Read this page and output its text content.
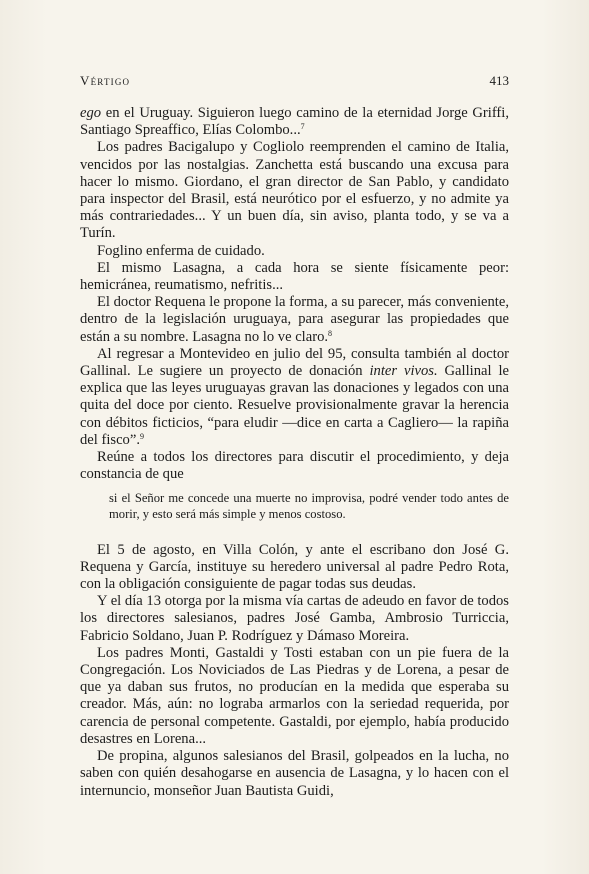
Vértigo	413

ego en el Uruguay. Siguieron luego camino de la eternidad Jorge Griffi, Santiago Spreaffico, Elías Colombo...$^7$

Los padres Bacigalupo y Cogliolo reemprenden el camino de Italia, vencidos por las nostalgias. Zanchetta está buscando una excusa para hacer lo mismo. Giordano, el gran director de San Pablo, y candidato para inspector del Brasil, está neurótico por el esfuerzo, y no admite ya más contrariedades... Y un buen día, sin aviso, planta todo, y se va a Turín.

Foglino enferma de cuidado.

El mismo Lasagna, a cada hora se siente físicamente peor: hemicránea, reumatismo, nefritis...

El doctor Requena le propone la forma, a su parecer, más conveniente, dentro de la legislación uruguaya, para asegurar las propiedades que están a su nombre. Lasagna no lo ve claro.$^8$

Al regresar a Montevideo en julio del 95, consulta también al doctor Gallinal. Le sugiere un proyecto de donación inter vivos. Gallinal le explica que las leyes uruguayas gravan las donaciones y legados con una quita del doce por ciento. Resuelve provisionalmente gravar la herencia con débitos ficticios, “para eludir —dice en carta a Cagliero— la rapiña del fisco”.$^9$

Reúne a todos los directores para discutir el procedimiento, y deja constancia de que

si el Señor me concede una muerte no improvisa, podré vender todo antes de morir, y esto será más simple y menos costoso.

El 5 de agosto, en Villa Colón, y ante el escribano don José G. Requena y García, instituye su heredero universal al padre Pedro Rota, con la obligación consiguiente de pagar todas sus deudas.

Y el día 13 otorga por la misma vía cartas de adeudo en favor de todos los directores salesianos, padres José Gamba, Ambrosio Turriccia, Fabricio Soldano, Juan P. Rodríguez y Dámaso Moreira.

Los padres Monti, Gastaldi y Tosti estaban con un pie fuera de la Congregación. Los Noviciados de Las Piedras y de Lorena, a pesar de que ya daban sus frutos, no producían en la medida que esperaba su creador. Más, aún: no lograba armarlos con la seriedad requerida, por carencia de personal competente. Gastaldi, por ejemplo, había producido desastres en Lorena...

De propina, algunos salesianos del Brasil, golpeados en la lucha, no saben con quién desahogarse en ausencia de Lasagna, y lo hacen con el internuncio, monseñor Juan Bautista Guidi,
